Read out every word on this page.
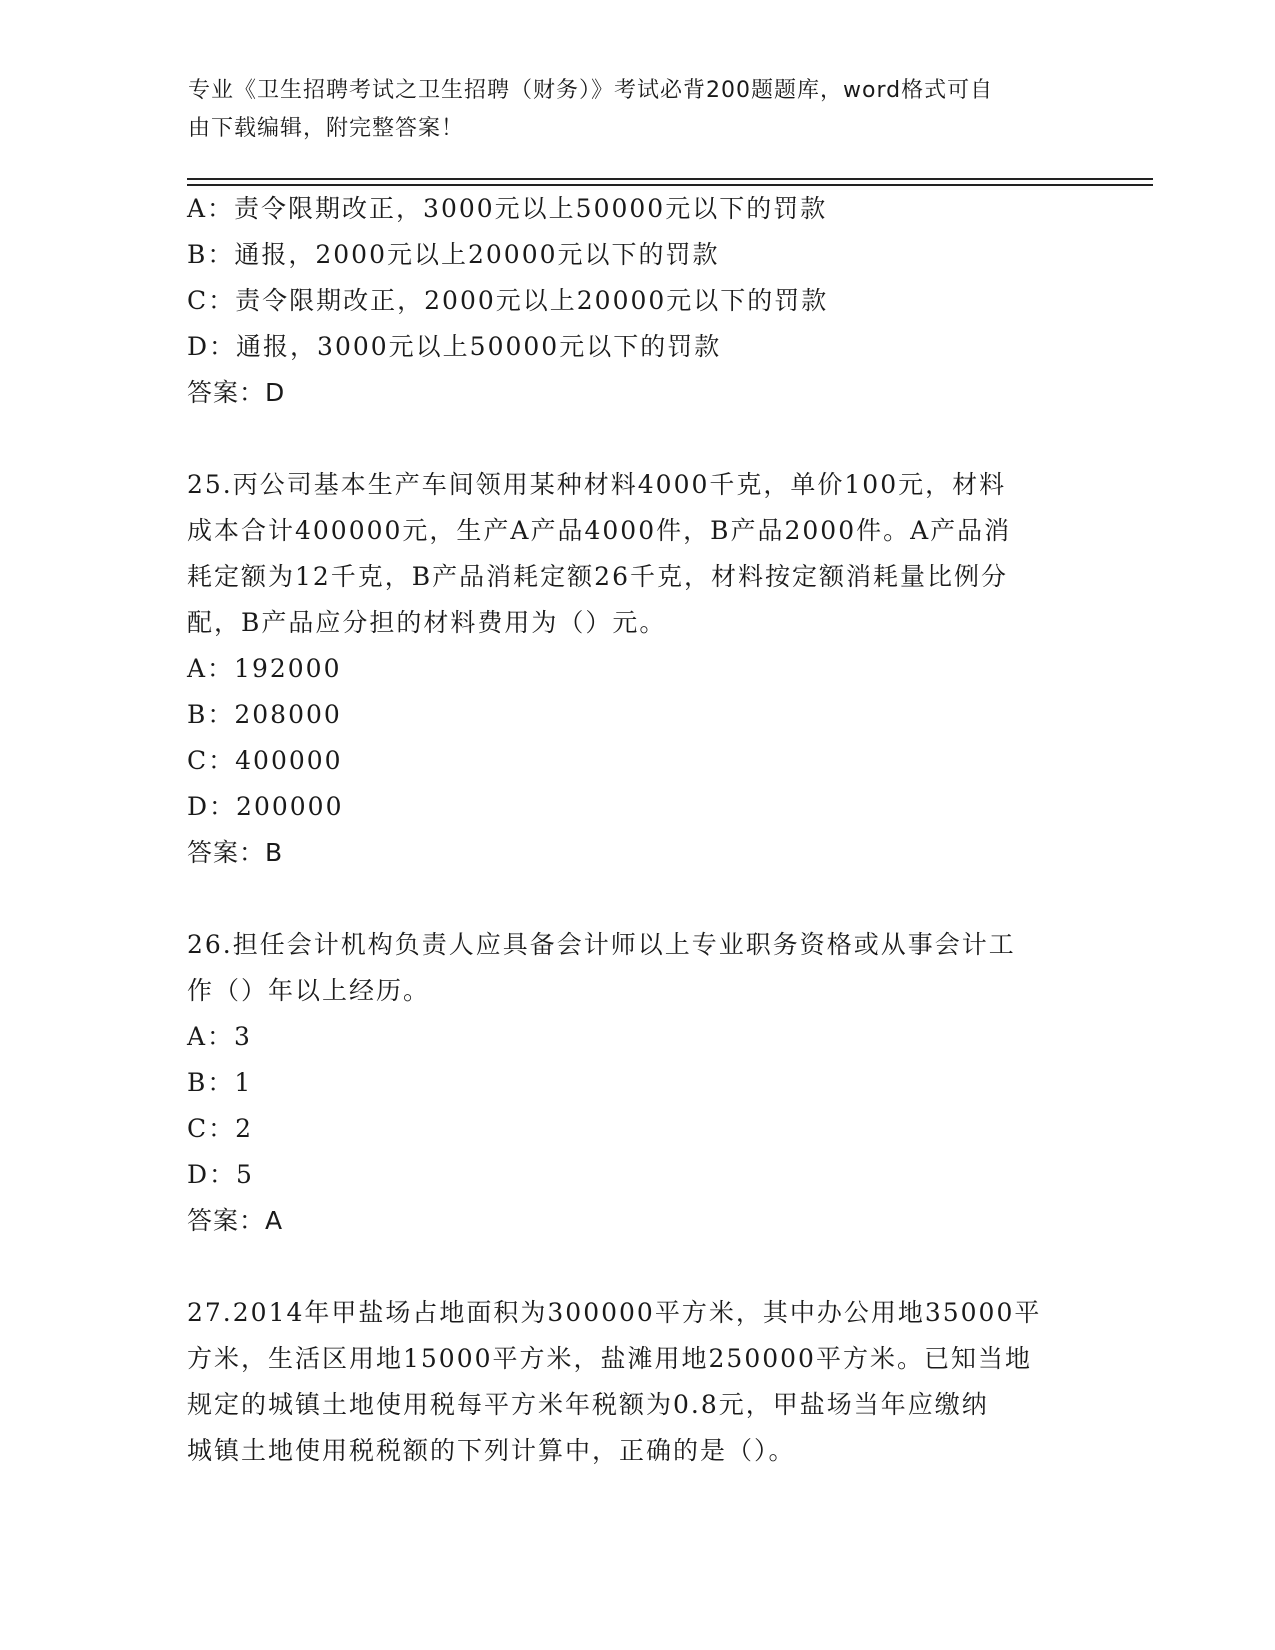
专业《卫生招聘考试之卫生招聘（财务）》考试必背200题题库，word格式可自
由下载编辑，附完整答案！
A：责令限期改正，3000元以上50000元以下的罚款
B：通报，2000元以上20000元以下的罚款
C：责令限期改正，2000元以上20000元以下的罚款
D：通报，3000元以上50000元以下的罚款
答案：D
25.丙公司基本生产车间领用某种材料4000千克，单价100元，材料
成本合计400000元，生产A产品4000件，B产品2000件。A产品消
耗定额为12千克，B产品消耗定额26千克，材料按定额消耗量比例分
配，B产品应分担的材料费用为（）元。
A：192000
B：208000
C：400000
D：200000
答案：B
26.担任会计机构负责人应具备会计师以上专业职务资格或从事会计工
作（）年以上经历。
A：3
B：1
C：2
D：5
答案：A
27.2014年甲盐场占地面积为300000平方米，其中办公用地35000平
方米，生活区用地15000平方米，盐滩用地250000平方米。已知当地
规定的城镇土地使用税每平方米年税额为0.8元，甲盐场当年应缴纳
城镇土地使用税税额的下列计算中，正确的是（）。
